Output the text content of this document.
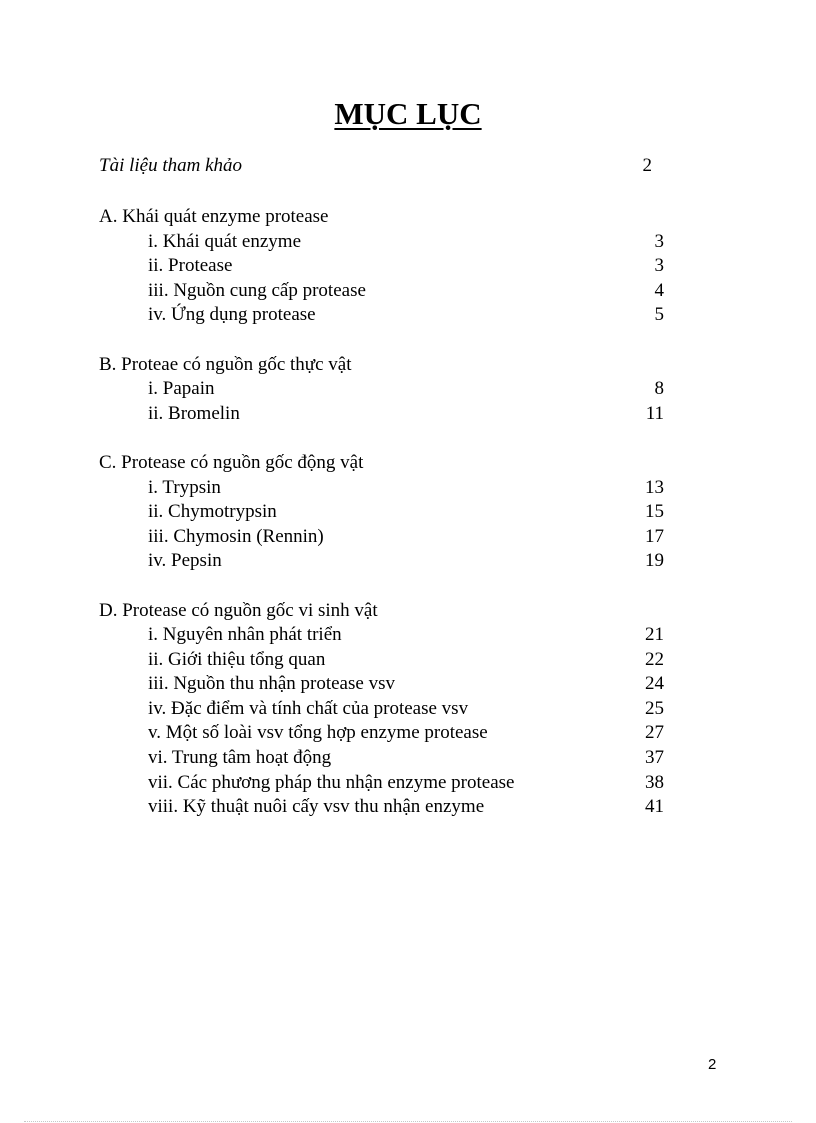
MỤC LỤC
Tài liệu tham khảo	2
A. Khái quát enzyme protease
i. Khái quát enzyme	3
ii. Protease	3
iii. Nguồn cung cấp protease	4
iv. Ứng dụng protease	5
B. Proteae có nguồn gốc thực vật
i. Papain	8
ii. Bromelin	11
C. Protease có nguồn gốc động vật
i. Trypsin	13
ii. Chymotrypsin	15
iii. Chymosin (Rennin)	17
iv. Pepsin	19
D. Protease có nguồn gốc vi sinh vật
i. Nguyên nhân phát triển	21
ii. Giới thiệu tổng quan	22
iii. Nguồn thu nhận protease vsv	24
iv. Đặc điểm và tính chất của protease vsv	25
v. Một số loài vsv tổng hợp enzyme protease	27
vi. Trung tâm hoạt động	37
vii. Các phương pháp thu nhận enzyme protease	38
viii. Kỹ thuật nuôi cấy vsv thu nhận enzyme	41
2
